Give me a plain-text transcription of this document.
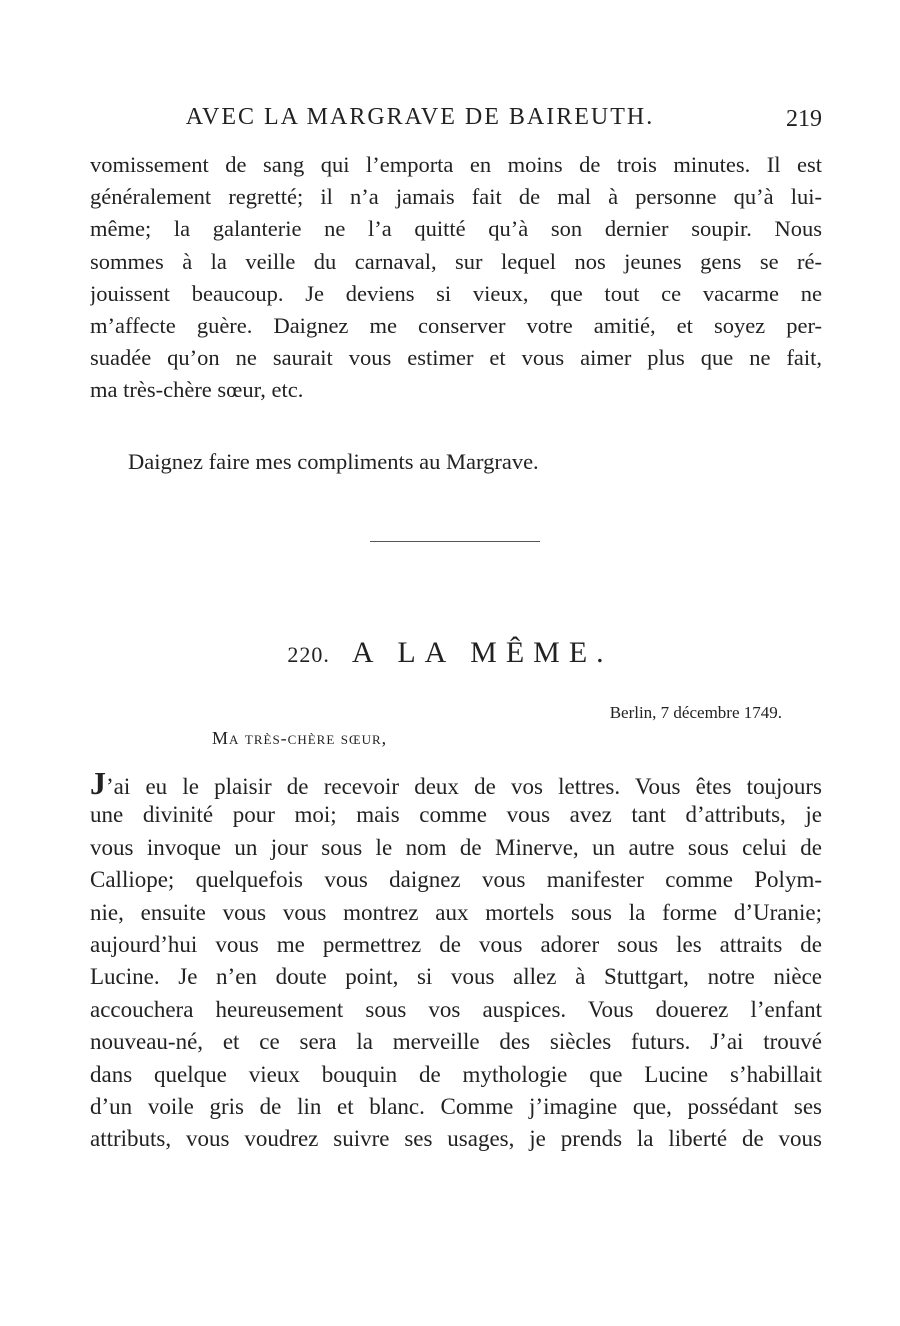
AVEC LA MARGRAVE DE BAIREUTH.	219
vomissement de sang qui l’emporta en moins de trois minutes. Il est
généralement regretté; il n’a jamais fait de mal à personne qu’à lui-
même; la galanterie ne l’a quitté qu’à son dernier soupir. Nous
sommes à la veille du carnaval, sur lequel nos jeunes gens se ré-
jouissent beaucoup. Je deviens si vieux, que tout ce vacarme ne
m’affecte guère. Daignez me conserver votre amitié, et soyez per-
suadée qu’on ne saurait vous estimer et vous aimer plus que ne fait,
ma très-chère sœur, etc.
Daignez faire mes compliments au Margrave.
220. A LA MÊME.
Berlin, 7 décembre 1749.
Ma très-chère sœur,
J’ai eu le plaisir de recevoir deux de vos lettres. Vous êtes toujours
une divinité pour moi; mais comme vous avez tant d’attributs, je
vous invoque un jour sous le nom de Minerve, un autre sous celui de
Calliope; quelquefois vous daignez vous manifester comme Polym-
nie, ensuite vous vous montrez aux mortels sous la forme d’Uranie;
aujourd’hui vous me permettrez de vous adorer sous les attraits de
Lucine. Je n’en doute point, si vous allez à Stuttgart, notre nièce
accouchera heureusement sous vos auspices. Vous douerez l’enfant
nouveau-né, et ce sera la merveille des siècles futurs. J’ai trouvé
dans quelque vieux bouquin de mythologie que Lucine s’habillait
d’un voile gris de lin et blanc. Comme j’imagine que, possédant ses
attributs, vous voudrez suivre ses usages, je prends la liberté de vous
